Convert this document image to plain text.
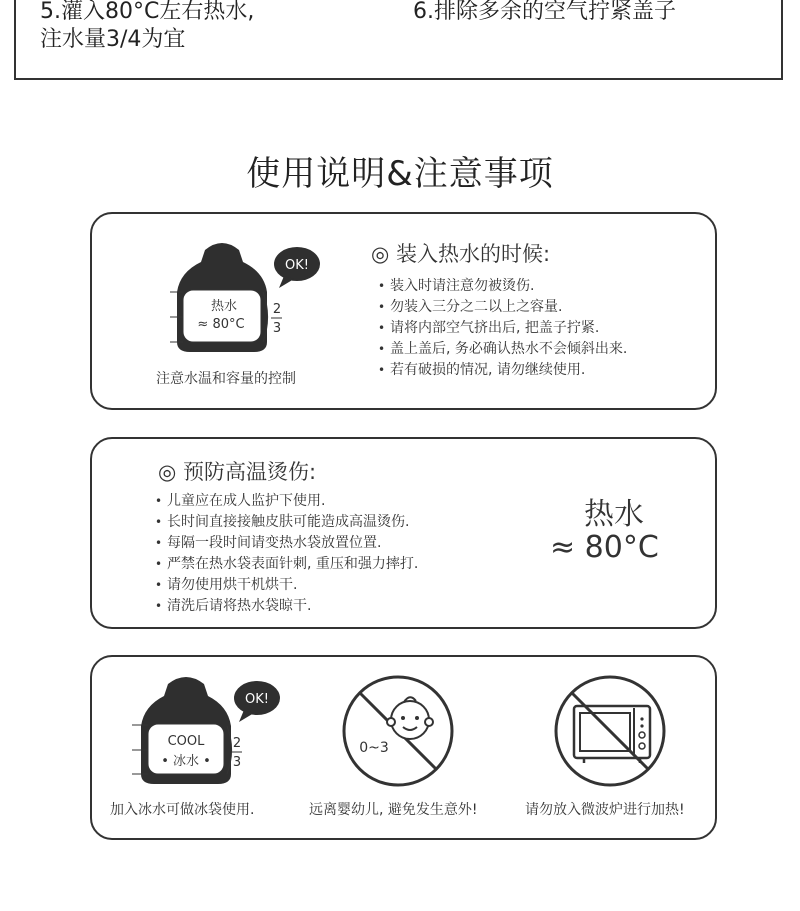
5.灌入80°C左右热水,
注水量3/4为宜
6.排除多余的空气拧紧盖子
使用说明&注意事项
热水
≈ 80°C
2
3
OK!
注意水温和容量的控制
◎ 装入热水的时候:
• 装入时请注意勿被烫伤.
• 勿装入三分之二以上之容量.
• 请将内部空气挤出后, 把盖子拧紧.
• 盖上盖后, 务必确认热水不会倾斜出来.
• 若有破损的情况, 请勿继续使用.
◎ 预防高温烫伤:
• 儿童应在成人监护下使用.
• 长时间直接接触皮肤可能造成高温烫伤.
• 每隔一段时间请变热水袋放置位置.
• 严禁在热水袋表面针刺, 重压和强力摔打.
• 请勿使用烘干机烘干.
• 清洗后请将热水袋晾干.
热水
≈ 80°C
COOL
• 冰水 •
2
3
OK!
加入冰水可做冰袋使用.
0~3
远离婴幼儿, 避免发生意外!	请勿放入微波炉进行加热!
